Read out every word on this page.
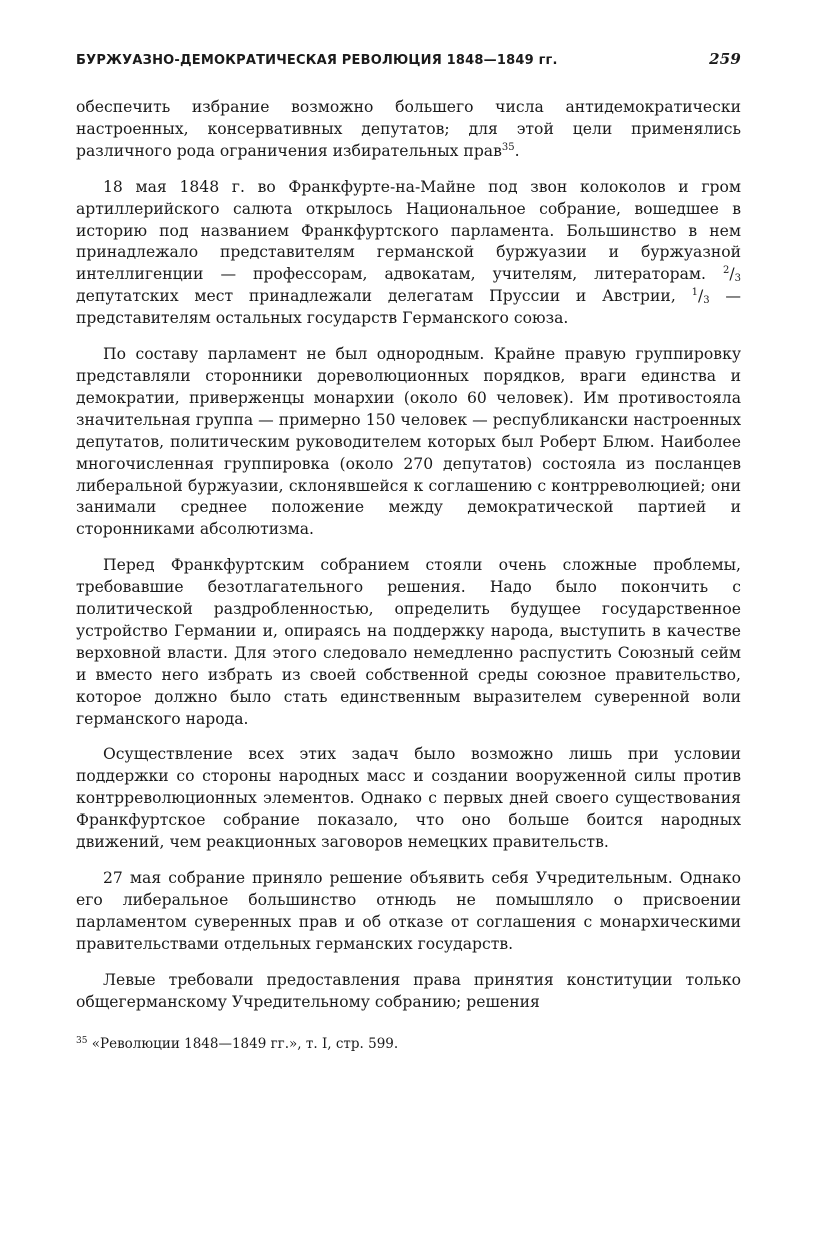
БУРЖУАЗНО-ДЕМОКРАТИЧЕСКАЯ РЕВОЛЮЦИЯ 1848—1849 гг.	259

обеспечить избрание возможно большего числа антидемократически настроенных, консервативных депутатов; для этой цели применялись различного рода ограничения избирательных прав$^{35}$.

18 мая 1848 г. во Франкфурте-на-Майне под звон колоколов и гром артиллерийского салюта открылось Национальное собрание, вошедшее в историю под названием Франкфуртского парламента. Большинство в нем принадлежало представителям германской буржуазии и буржуазной интеллигенции — профессорам, адвокатам, учителям, литераторам. $^2/_3$ депутатских мест принадлежали делегатам Пруссии и Австрии, $^1/_3$ — представителям остальных государств Германского союза.

По составу парламент не был однородным. Крайне правую группировку представляли сторонники дореволюционных порядков, враги единства и демократии, приверженцы монархии (около 60 человек). Им противостояла значительная группа — примерно 150 человек — республикански настроенных депутатов, политическим руководителем которых был Роберт Блюм. Наиболее многочисленная группировка (около 270 депутатов) состояла из посланцев либеральной буржуазии, склонявшейся к соглашению с контрреволюцией; они занимали среднее положение между демократической партией и сторонниками абсолютизма.

Перед Франкфуртским собранием стояли очень сложные проблемы, требовавшие безотлагательного решения. Надо было покончить с политической раздробленностью, определить будущее государственное устройство Германии и, опираясь на поддержку народа, выступить в качестве верховной власти. Для этого следовало немедленно распустить Союзный сейм и вместо него избрать из своей собственной среды союзное правительство, которое должно было стать единственным выразителем суверенной воли германского народа.

Осуществление всех этих задач было возможно лишь при условии поддержки со стороны народных масс и создании вооруженной силы против контрреволюционных элементов. Однако с первых дней своего существования Франкфуртское собрание показало, что оно больше боится народных движений, чем реакционных заговоров немецких правительств.

27 мая собрание приняло решение объявить себя Учредительным. Однако его либеральное большинство отнюдь не помышляло о присвоении парламентом суверенных прав и об отказе от соглашения с монархическими правительствами отдельных германских государств.

Левые требовали предоставления права принятия конституции только общегерманскому Учредительному собранию; решения

$^{35}$ «Революции 1848—1849 гг.», т. I, стр. 599.
